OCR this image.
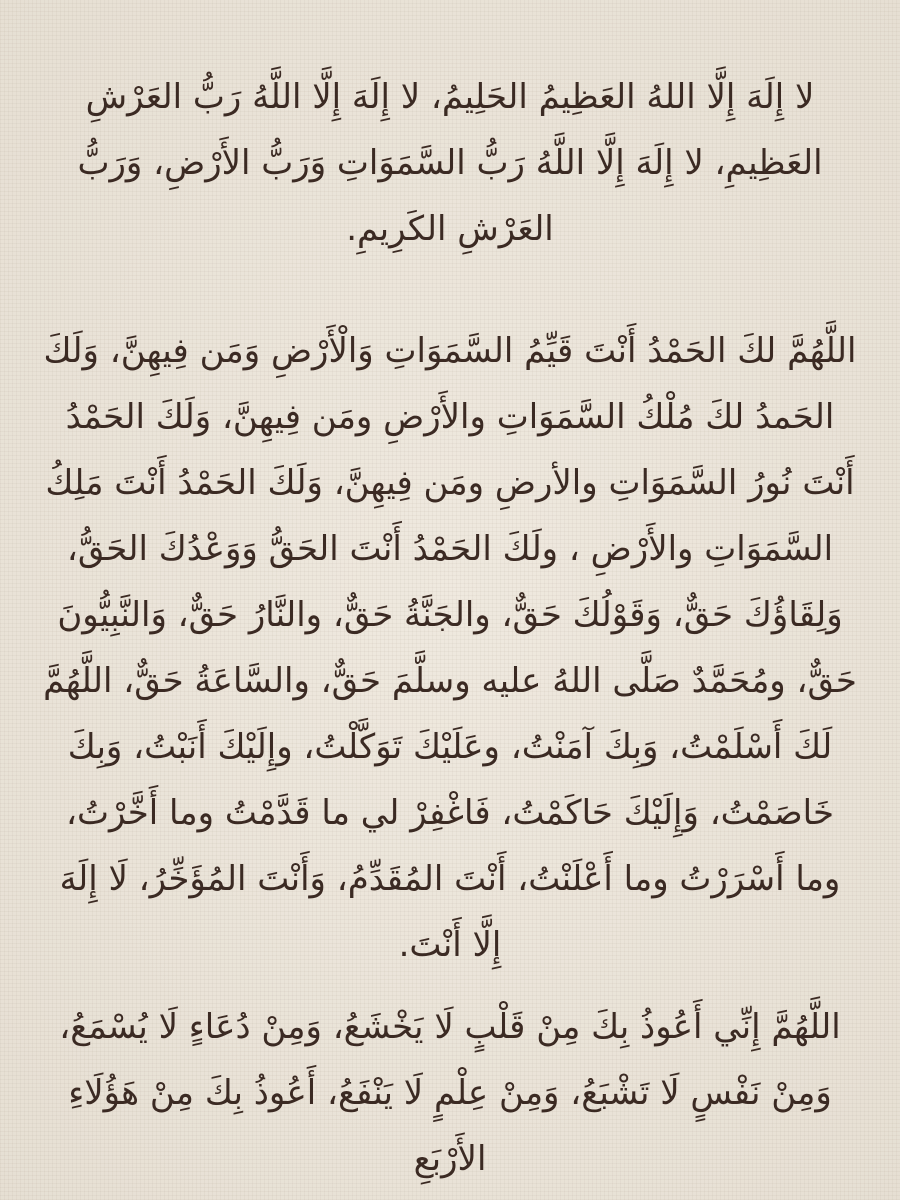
لا إِلَهَ إِلَّا اللهُ العَظِيمُ الحَلِيمُ، لا إِلَهَ إِلَّا اللَّهُ رَبُّ العَرْشِ العَظِيمِ، لا إِلَهَ إِلَّا اللَّهُ رَبُّ السَّمَوَاتِ وَرَبُّ الأَرْضِ، وَرَبُّ العَرْشِ الكَرِيمِ.

اللَّهُمَّ لكَ الحَمْدُ أَنْتَ قَيِّمُ السَّمَوَاتِ وَالْأَرْضِ وَمَن فِيهِنَّ، وَلَكَ الحَمدُ لكَ مُلْكُ السَّمَوَاتِ والأَرْضِ ومَن فِيهِنَّ، وَلَكَ الحَمْدُ أَنْتَ نُورُ السَّمَوَاتِ والأرضِ ومَن فِيهِنَّ، وَلَكَ الحَمْدُ أَنْتَ مَلِكُ السَّمَوَاتِ والأَرْضِ ، ولَكَ الحَمْدُ أَنْتَ الحَقُّ وَوَعْدُكَ الحَقُّ، وَلِقَاؤُكَ حَقٌّ، وَقَوْلُكَ حَقٌّ، والجَنَّةُ حَقٌّ، والنَّارُ حَقٌّ، وَالنَّبِيُّونَ حَقٌّ، ومُحَمَّدٌ صَلَّى اللهُ عليه وسلَّمَ حَقٌّ، والسَّاعَةُ حَقٌّ، اللَّهُمَّ لَكَ أَسْلَمْتُ، وَبِكَ آمَنْتُ، وعَلَيْكَ تَوَكَّلْتُ، وإِلَيْكَ أَنَبْتُ، وَبِكَ خَاصَمْتُ، وَإِلَيْكَ حَاكَمْتُ، فَاغْفِرْ لي ما قَدَّمْتُ وما أَخَّرْتُ، وما أَسْرَرْتُ وما أَعْلَنْتُ، أَنْتَ المُقَدِّمُ، وَأَنْتَ المُؤَخِّرُ، لَا إِلَهَ إِلَّا أَنْتَ.

اللَّهُمَّ إِنِّي أَعُوذُ بِكَ مِنْ قَلْبٍ لَا يَخْشَعُ، وَمِنْ دُعَاءٍ لَا يُسْمَعُ، وَمِنْ نَفْسٍ لَا تَشْبَعُ، وَمِنْ عِلْمٍ لَا يَنْفَعُ، أَعُوذُ بِكَ مِنْ هَؤُلَاءِ الأَرْبَعِ
